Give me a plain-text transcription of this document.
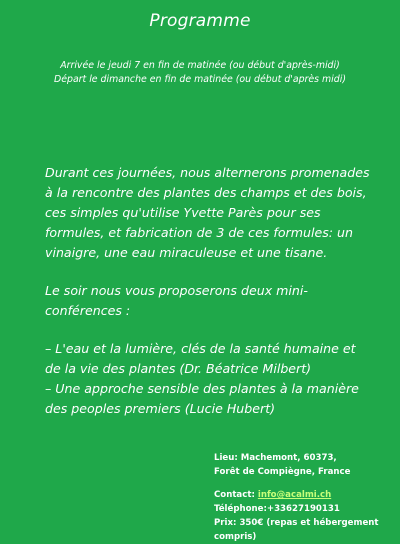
Programme
Arrivée le jeudi 7 en fin de matinée (ou début d'après-midi)
Départ le dimanche en fin de matinée (ou début d'après midi)

Durant ces journées, nous alternerons promenades à la rencontre des plantes des champs et des bois, ces simples qu'utilise Yvette Parès pour ses formules, et fabrication de 3 de ces formules: un vinaigre, une eau miraculeuse et une tisane.

Le soir nous vous proposerons deux mini-conférences :

– L'eau et la lumière, clés de la santé humaine et de la vie des plantes (Dr. Béatrice Milbert)
– Une approche sensible des plantes à la manière des peoples premiers (Lucie Hubert)

Lieu: Machemont, 60373,
Forêt de Compiègne, France
Contact: info@acalmi.ch
Téléphone:+33627190131
Prix: 350€ (repas et hébergement compris)
